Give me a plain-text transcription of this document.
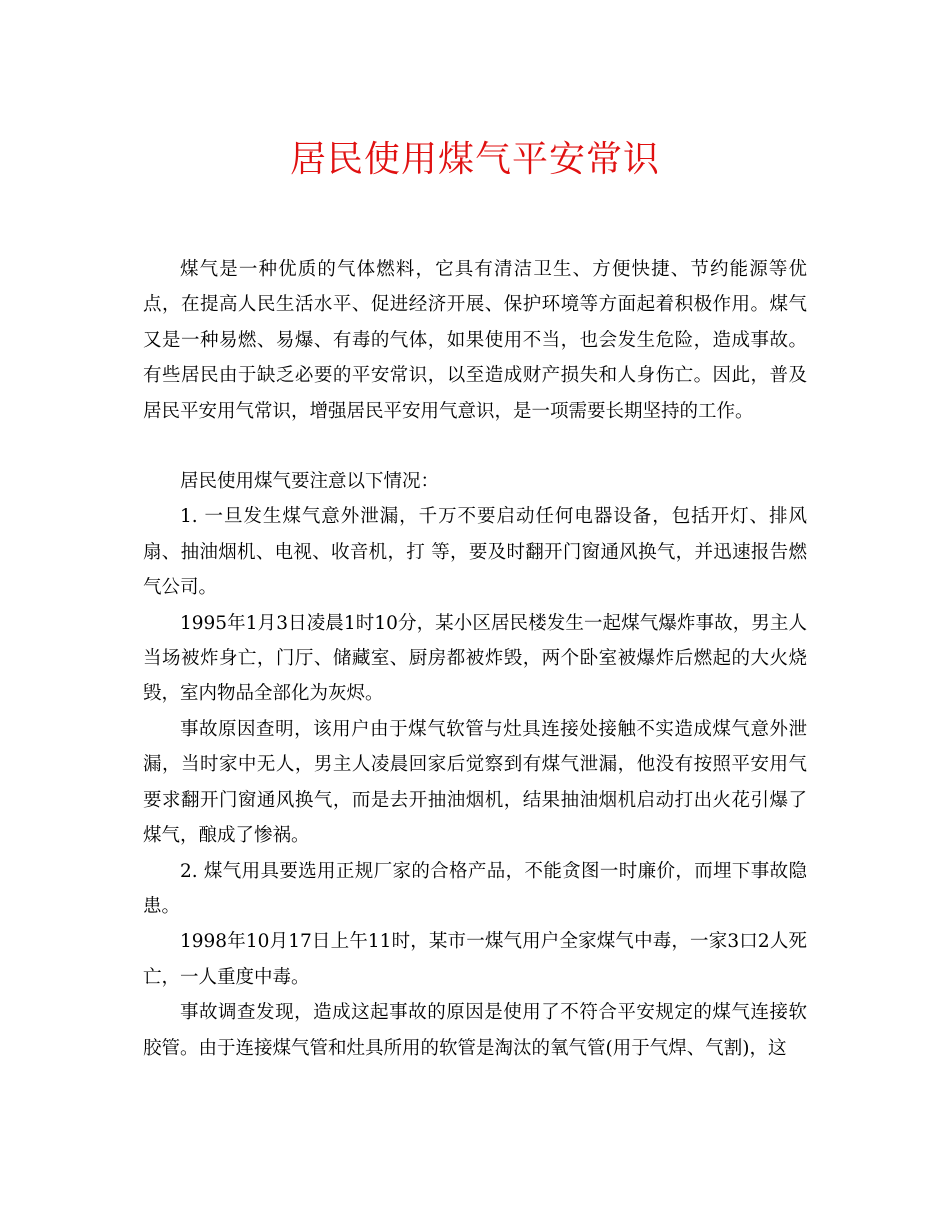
居民使用煤气平安常识

煤气是一种优质的气体燃料，它具有清洁卫生、方便快捷、节约能源等优点，在提高人民生活水平、促进经济开展、保护环境等方面起着积极作用。煤气又是一种易燃、易爆、有毒的气体，如果使用不当，也会发生危险，造成事故。有些居民由于缺乏必要的平安常识，以至造成财产损失和人身伤亡。因此，普及居民平安用气常识，增强居民平安用气意识，是一项需要长期坚持的工作。

居民使用煤气要注意以下情况：

1. 一旦发生煤气意外泄漏，千万不要启动任何电器设备，包括开灯、排风扇、抽油烟机、电视、收音机，打 等，要及时翻开门窗通风换气，并迅速报告燃气公司。

1995年1月3日凌晨1时10分，某小区居民楼发生一起煤气爆炸事故，男主人当场被炸身亡，门厅、储藏室、厨房都被炸毁，两个卧室被爆炸后燃起的大火烧毁，室内物品全部化为灰烬。

事故原因查明，该用户由于煤气软管与灶具连接处接触不实造成煤气意外泄漏，当时家中无人，男主人凌晨回家后觉察到有煤气泄漏，他没有按照平安用气要求翻开门窗通风换气，而是去开抽油烟机，结果抽油烟机启动打出火花引爆了煤气，酿成了惨祸。

2. 煤气用具要选用正规厂家的合格产品，不能贪图一时廉价，而埋下事故隐患。

1998年10月17日上午11时，某市一煤气用户全家煤气中毒，一家3口2人死亡，一人重度中毒。

事故调查发现，造成这起事故的原因是使用了不符合平安规定的煤气连接软胶管。由于连接煤气管和灶具所用的软管是淘汰的氧气管(用于气焊、气割)，这
